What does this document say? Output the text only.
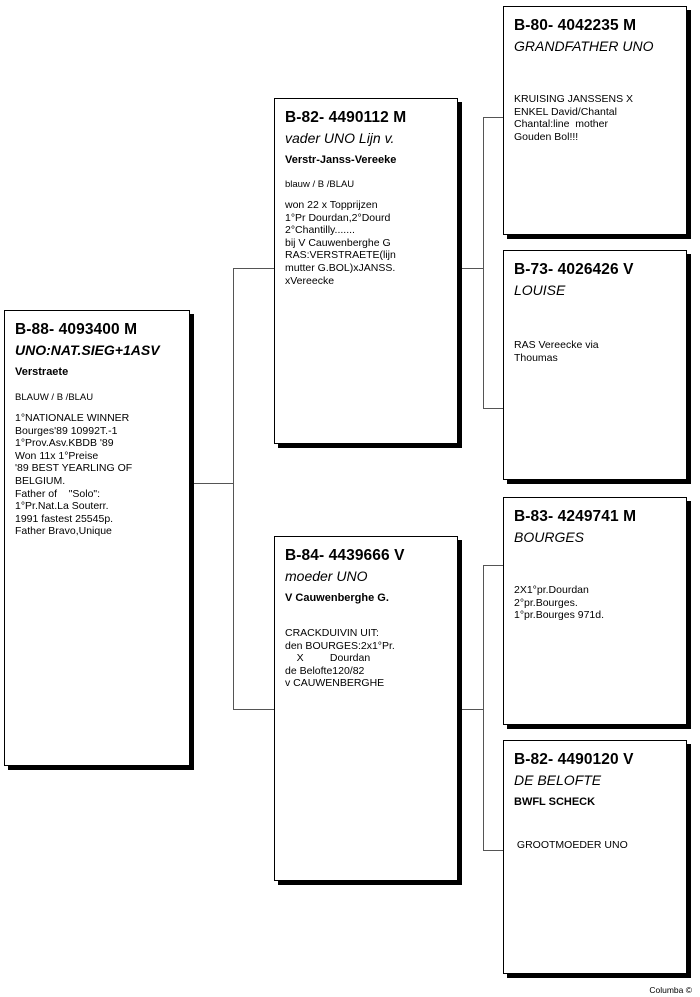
B-88- 4093400 M
UNO:NAT.SIEG+1ASV
Verstraete
BLAUW / B /BLAU
1°NATIONALE WINNER
Bourges'89 10992T.-1
1°Prov.Asv.KBDB '89
Won 11x 1°Preise
'89 BEST YEARLING OF
BELGIUM.
Father of    "Solo":
1°Pr.Nat.La Souterr.
1991 fastest 25545p.
Father Bravo,Unique
B-82- 4490112 M
vader UNO Lijn v.
Verstr-Janss-Vereeke
blauw / B /BLAU
won 22 x Topprijzen
1°Pr Dourdan,2°Dourd
2°Chantilly.......
bij V Cauwenberghe G
RAS:VERSTRAETE(lijn
mutter G.BOL)xJANSS.
xVereecke
B-84- 4439666 V
moeder UNO
V Cauwenberghe G.
CRACKDUIVIN UIT:
den BOURGES:2x1°Pr.
X         Dourdan
de Belofte120/82
v CAUWENBERGHE
B-80- 4042235 M
GRANDFATHER UNO
KRUISING JANSSENS X
ENKEL David/Chantal
Chantal:line  mother
Gouden Bol!!!
B-73- 4026426 V
LOUISE
RAS Vereecke via
Thoumas
B-83- 4249741 M
BOURGES
2X1°pr.Dourdan
2°pr.Bourges.
1°pr.Bourges 971d.
B-82- 4490120 V
DE BELOFTE
BWFL SCHECK
GROOTMOEDER UNO
Columba ©
